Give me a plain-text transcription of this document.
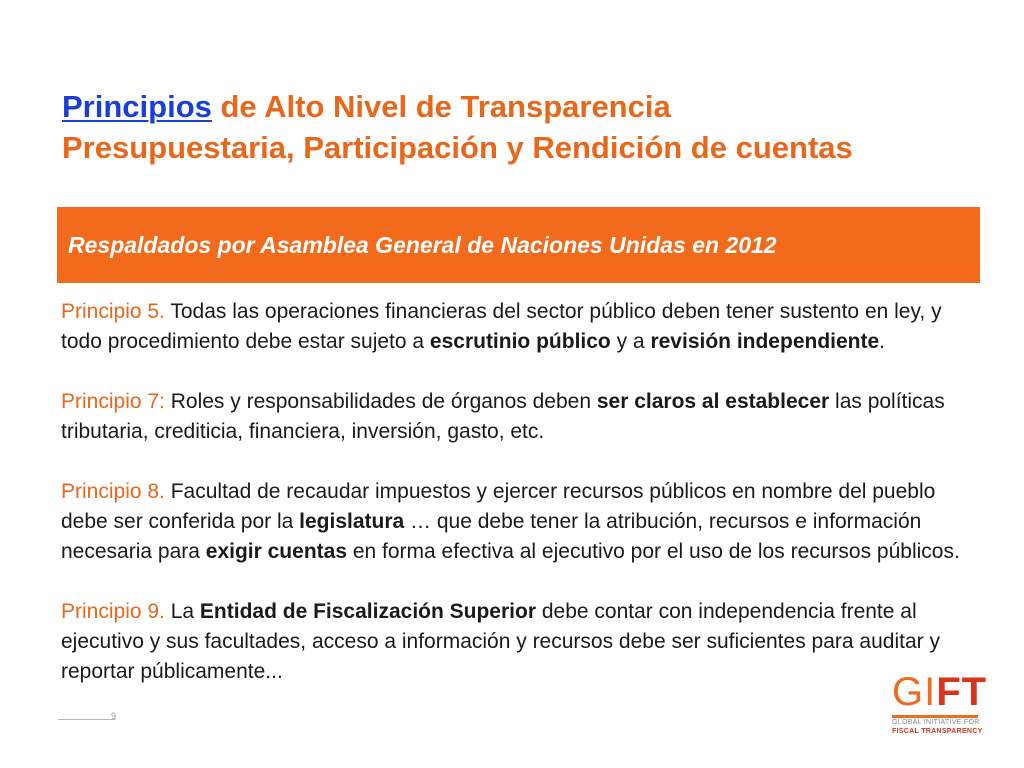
Principios de Alto Nivel de Transparencia
Presupuestaria, Participación y Rendición de cuentas
Respaldados por Asamblea General de Naciones Unidas en 2012

Principio 5. Todas las operaciones financieras del sector público deben tener sustento en ley, y todo procedimiento debe estar sujeto a escrutinio público y a revisión independiente.

Principio 7: Roles y responsabilidades de órganos deben ser claros al establecer las políticas tributaria, crediticia, financiera, inversión, gasto, etc.

Principio 8. Facultad de recaudar impuestos y ejercer recursos públicos en nombre del pueblo debe ser conferida por la legislatura … que debe tener la atribución, recursos e información necesaria para exigir cuentas en forma efectiva al ejecutivo por el uso de los recursos públicos.

Principio 9. La Entidad de Fiscalización Superior debe contar con independencia frente al ejecutivo y sus facultades, acceso a información y recursos debe ser suficientes para auditar y reportar públicamente...

9
GIFT
GLOBAL INITIATIVE FOR
FISCAL TRANSPARENCY
